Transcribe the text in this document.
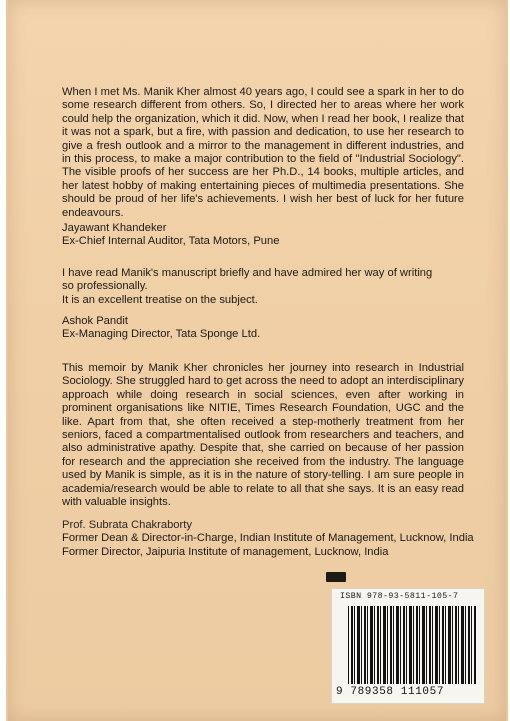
When I met Ms. Manik Kher almost 40 years ago, I could see a spark in her to do some research different from others. So, I directed her to areas where her work could help the organization, which it did. Now, when I read her book, I realize that it was not a spark, but a fire, with passion and dedication, to use her research to give a fresh outlook and a mirror to the management in different industries, and in this process, to make a major contribution to the field of "Industrial Sociology". The visible proofs of her success are her Ph.D., 14 books, multiple articles, and her latest hobby of making entertaining pieces of multimedia presentations. She should be proud of her life's achievements. I wish her best of luck for her future endeavours.
Jayawant Khandeker
Ex-Chief Internal Auditor, Tata Motors, Pune
I have read Manik's manuscript briefly and have admired her way of writing so professionally.
It is an excellent treatise on the subject.
Ashok Pandit
Ex-Managing Director, Tata Sponge Ltd.
This memoir by Manik Kher chronicles her journey into research in Industrial Sociology. She struggled hard to get across the need to adopt an interdisciplinary approach while doing research in social sciences, even after working in prominent organisations like NITIE, Times Research Foundation, UGC and the like. Apart from that, she often received a step-motherly treatment from her seniors, faced a compartmentalised outlook from researchers and teachers, and also administrative apathy. Despite that, she carried on because of her passion for research and the appreciation she received from the industry. The language used by Manik is simple, as it is in the nature of story-telling. I am sure people in academia/research would be able to relate to all that she says. It is an easy read with valuable insights.
Prof. Subrata Chakraborty
Former Dean & Director-in-Charge, Indian Institute of Management, Lucknow, India
Former Director, Jaipuria Institute of management, Lucknow, India
ISBN 978-93-5811-105-7
9 789358 111057
